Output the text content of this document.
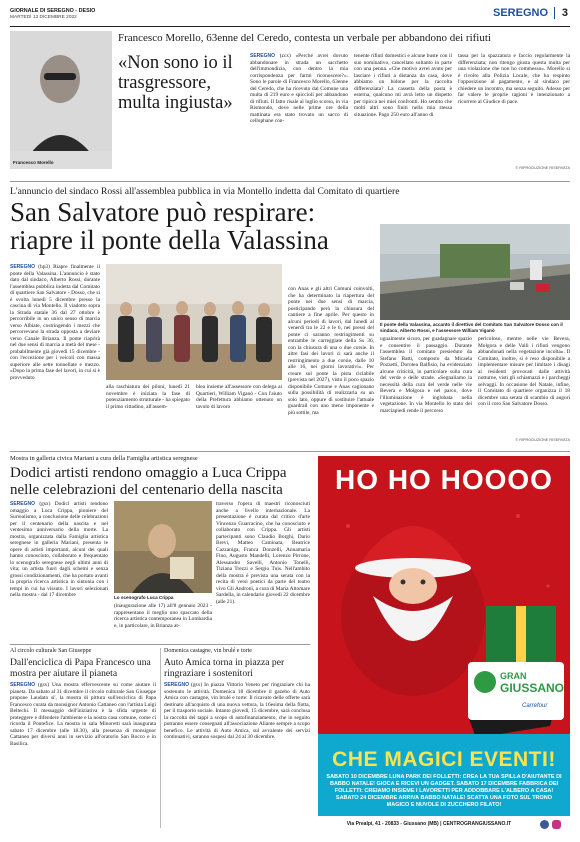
GIORNALE DI SEREGNO - DESIO
MARTEDÌ 13 DICEMBRE 2022	SEREGNO 3
Francesco Morello
Francesco Morello, 63enne del Ceredo, contesta un verbale per abbandono dei rifiuti
«Non sono io il trasgressore, multa ingiusta»
SEREGNO (zcx) «Perché avrei dovuto abbandonare in strada un sacchetto dell'immondizia, con dentro la mia corrispondenza per farmi riconoscere?». Sono le parole di Francesco Morello, 63enne del Ceredo, che ha ricevuto dal Comune una multa di 219 euro e spiccioli per abbandono di rifiuti. Il fatto risale al luglio scorso, in via Rismondo, dove nelle prime ore della mattinata era stato trovato un sacco di cellophane con-
tenente rifiuti domestici e alcune buste con il suo nominativo, cancellato soltanto in parte con una penna. «Che motivo avrei avuto per lasciare i rifiuti a distanza da casa, dove abbiamo un bidone per la raccolta differenziata? La cassetta della posta è esterna, qualcuno mi avrà letto un dispetto per ripicca nei miei confronti. Ho sentito che molti altri sono finiti nella mia stessa situazione. Pago 250 euro all'anno di
tassa per la spazzatura e faccio regolarmente la differenziata; non ritengo giusta questa multa per una violazione che non ho commesso». Morello si è rivolto alla Polizia Locale, che ha respinto l'opposizione al pagamento, e al sindaco per chiedere un incontro, ma senza seguito. Adesso per far valere le proprie ragioni è intenzionato a ricorrere al Giudice di pace.
© RIPRODUZIONE RISERVATA
L'annuncio del sindaco Rossi all'assemblea pubblica in via Montello indetta dal Comitato di quartiere
San Salvatore può respirare: riapre il ponte della Valassina
SEREGNO (hp3) Riapre finalmente il ponte della Valassina. L'annuncio è stato dato dal sindaco, Alberto Rossi, durante l'assemblea pubblica indetta dal Comitato di quartiere San Salvatore - Dosso, che si è svolta lunedì 5 dicembre presso la cascina di via Montello. Il viadotto sopra la Strada statale 36 dal 27 ottobre è percorribile in un unico senso di marcia verso Albiate, costringendo i mezzi che percorrevano la strada opposta a deviare verso Canale Brianza. Il ponte riaprirà nel due sensi di marcia a metà del mese - probabilmente già giovedì 15 dicembre - con l'eccezione per i veicoli con massa superiore alle sette tonnellate e mezzo. «Dopo la prima fase del lavori, in cui si è provveduto
alla raschiatura dei piloni, lunedì 21 novembre è iniziata la fase di potenziamento strutturale - ha spiegato il primo cittadino, all'assem-
blea insieme all'assessore con delega ai Quartieri, William Viganò - Con l'aiuto della Prefettura abbiamo ottenuto un tavolo di lavoro
con Anas e gli altri Comuni coinvolti, che ha determinato la riapertura del ponte nei due sensi di marcia, posticipando però la chiusura del cantiere a fine aprile. Per questo in alcuni periodi di lavori, dal lunedì al venerdì tra le 22 e le 6, nei pressi del ponte ci saranno restringimenti su entrambe le carreggiate della Ss 36, con la chiusura di una o due corsie. In altre fasi dei lavori ci sarà anche il restringimento a due corsie, dalle 10 alle 16, nei giorni lavorativi». Per creare sul ponte la pista ciclabile (prevista nel 2027), visto il poco spazio disponibile Comune e Anas cagionano sulla possibilità di realizzarla su un solo lato, oppure di sostituire l'attuale guardrail con uno meno imponente e più sottile, ma
Il ponte della Valassina, accanto il direttivo del Comitato San Salvatore Dosso con il sindaco, Alberto Rossi, e l'assessore William Viganò
ugualmente sicuro, per guadagnare spazio e consentire il passaggio. Durante l'assemblea il comitato presieduto da Stefano Batti, composto da Micaela Pozzetti, Dorotea Balfisio, ha evidenziato alcune criticità, in particolare sulla cura del verde e delle strade. «Segnaliamo la necessità della cura del verde nelle vie Bevera e Molgora e nel parco, dove l'illuminazione è inglobata nella vegetazione. In via Montello lo stato dei marciapiedi rende il percorso
pericoloso, mentre nelle vie Bevera, Molgora e delle Valli i rifiuti vengono abbandonati nella vegetazione incolta». Il Comitato, inoltre, si è reso disponibile a implementare misure per limitare i disagi ai residenti provocati dalle attività notturne, visti gli schiamazzi e i parcheggi selvaggi. In occasione del Natale, infine, il Comitato di quartiere organizza il 18 dicembre una serata di scambio di auguri con il coro San Salvatore Dosso.
© RIPRODUZIONE RISERVATA
Mostra in galleria civica Mariani a cura della Famiglia artistica seregnese
Dodici artisti rendono omaggio a Luca Crippa nelle celebrazioni del centenario della nascita
SEREGNO (gsx) Dodici artisti rendono omaggio a Luca Crippa, pioniere del Surrealismo, a conclusione delle celebrazioni per il centenario della nascita e nel ventesimo anniversario della morte. La mostra, organizzata dalla Famiglia artistica seregnese in galleria Mariani, presenta le opere di artisti importanti, alcuni dei quali hanno conosciuto, collaborato e frequentato lo scenografo seregnese negli ultimi anni di vita; un artista fuori dagli schemi e senza grossi condizionamenti, che ha portato avanti la propria ricerca artistica in sintonia con i tempi in cui ha vissuto. I lavori selezionati nella mostra - dal 17 dicembre	Lo scenografo Luca Crippa
(inaugurazione alle 17) all'8 gennaio 2023 - rappresentano il meglio uno spaccato della ricerca artistica contemporanea in Lombardia e, in particolare, in Brianza at-
traverso l'opera di maestri riconosciuti anche a livello internazionale. La presentazione è curata dal critico d'arte Vincenzo Guarracino, che ha conosciuto e collaborato con Crippa. Gli artisti partecipanti sono Claudio Borghi, Dario Brevi, Matteo Caminata, Beatrice Cazzaniga, Franca Donzelli, Annamaria Fino, Augusto Mandelli, Lorenzo Pirrone, Alessandro Savelli, Antonio Tonelli, Tiziana Trezzi e Sergio Tuis. Nell'ambito della mostra è prevista una serata con la recita di versi poetici da parte del teatro vivo Gli Androni, a cura di Maria Altomare Sardella, in calendario giovedì 22 dicembre (alle 21).
Al circolo culturale San Giuseppe
Dall'enciclica di Papa Francesco una mostra per aiutare il pianeta
SEREGNO (gsx) Una mostra effervescente su come aiutare il pianeta. Da sabato al 31 dicembre il circolo culturale San Giuseppe propone Laudato si', la mostra di pittura sull'enciclica di Papa Francesco curata da monsignor Antonio Cattaneo con l'artista Luigi Beltechi. Il messaggio dell'iniziativa è la sfida urgente di proteggere e difendere l'ambiente e la nostra casa comune, come ci ricorda il Pontefice. La mostra in sala Minoretti sarà inaugurata sabato 17 dicembre (alle 18.30), alla presenza di monsignor Cattaneo per diversi anni in servizio all'oratorio San Rocco e in Basilica.
Domenica castagne, vin brulé e torte
Auto Amica torna in piazza per ringraziare i sostenitori
SEREGNO (gsx) In piazza Vittorio Veneto per ringraziare chi ha sostenuto le attività. Domenica 18 dicembre il gazebo di Auto Amica con castagne, vin brulé e torte: Il ricavato delle offerte sarà destinato all'acquisto di una nuova vettura, la 16esima della flotta, per il trasporto sociale. Intanto giovedì, 15 dicembre, sarà conclusa la raccolta dei tappi a scopo di autofinanziamento, che in seguito potranno essere consegnati all'associazione Aliante sempre a scopo benefico. Le attività di Auto Amica, sul avvalente dei servizi continuativi, saranno sospesi dal 24 al 30 dicembre.
HO HO HOOOO
GRAN
GIUSSANO
Carrefour
CHE MAGICI EVENTI!
SABATO 10 DICEMBRE LUNA PARK DEI FOLLETTI: CREA LA TUA SPILLA D'AIUTANTE DI BABBO NATALE! GIOCA E RICEVI UN GADGET. SABATO 17 DICEMBRE FABBRICA DEI FOLLETTI: CREIAMO INSIEME I LAVORETTI PER ADDOBBARE L'ALBERO A CASA! SABATO 24 DICEMBRE ARRIVA BABBO NATALE! SCATTA UNA FOTO SUL TRONO MAGICO E NUVOLE DI ZUCCHERO FILATO!
Via Prealpi, 41 - 20833 - Giussano (MB) | CENTROGRANGIUSSANO.IT
